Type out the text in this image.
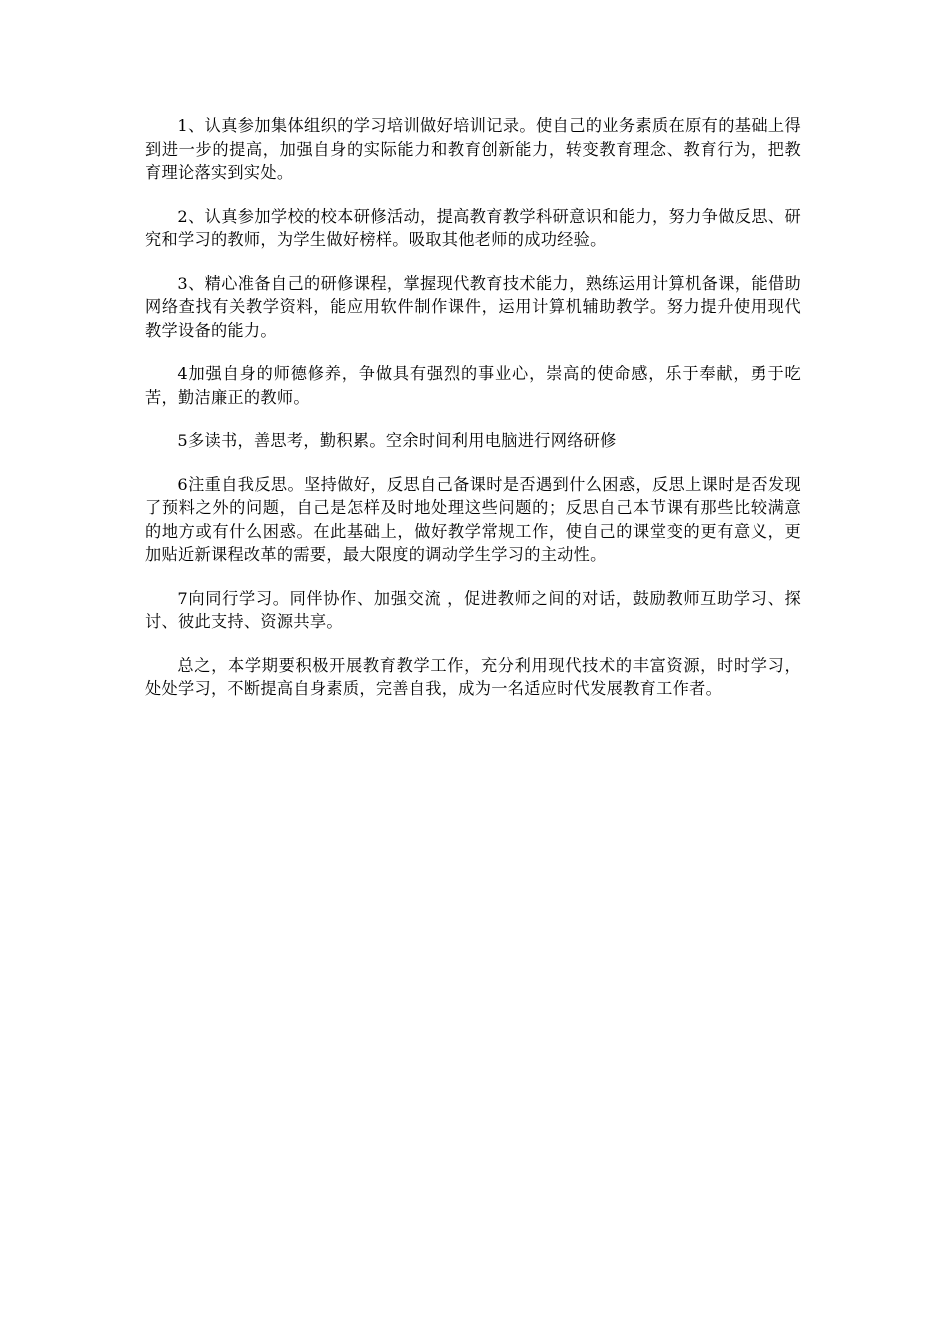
1、认真参加集体组织的学习培训做好培训记录。使自己的业务素质在原有的基础上得到进一步的提高，加强自身的实际能力和教育创新能力，转变教育理念、教育行为，把教育理论落实到实处。

2、认真参加学校的校本研修活动，提高教育教学科研意识和能力，努力争做反思、研究和学习的教师，为学生做好榜样。吸取其他老师的成功经验。

3、精心准备自己的研修课程，掌握现代教育技术能力，熟练运用计算机备课，能借助网络查找有关教学资料，能应用软件制作课件，运用计算机辅助教学。努力提升使用现代教学设备的能力。

4加强自身的师德修养，争做具有强烈的事业心，崇高的使命感，乐于奉献，勇于吃苦，勤洁廉正的教师。

5多读书，善思考，勤积累。空余时间利用电脑进行网络研修

6注重自我反思。坚持做好，反思自己备课时是否遇到什么困惑，反思上课时是否发现了预料之外的问题，自己是怎样及时地处理这些问题的；反思自己本节课有那些比较满意的地方或有什么困惑。在此基础上，做好教学常规工作，使自己的课堂变的更有意义，更加贴近新课程改革的需要，最大限度的调动学生学习的主动性。

7向同行学习。同伴协作、加强交流 ，促进教师之间的对话，鼓励教师互助学习、探讨、彼此支持、资源共享。

总之，本学期要积极开展教育教学工作，充分利用现代技术的丰富资源，时时学习，处处学习，不断提高自身素质，完善自我，成为一名适应时代发展教育工作者。
